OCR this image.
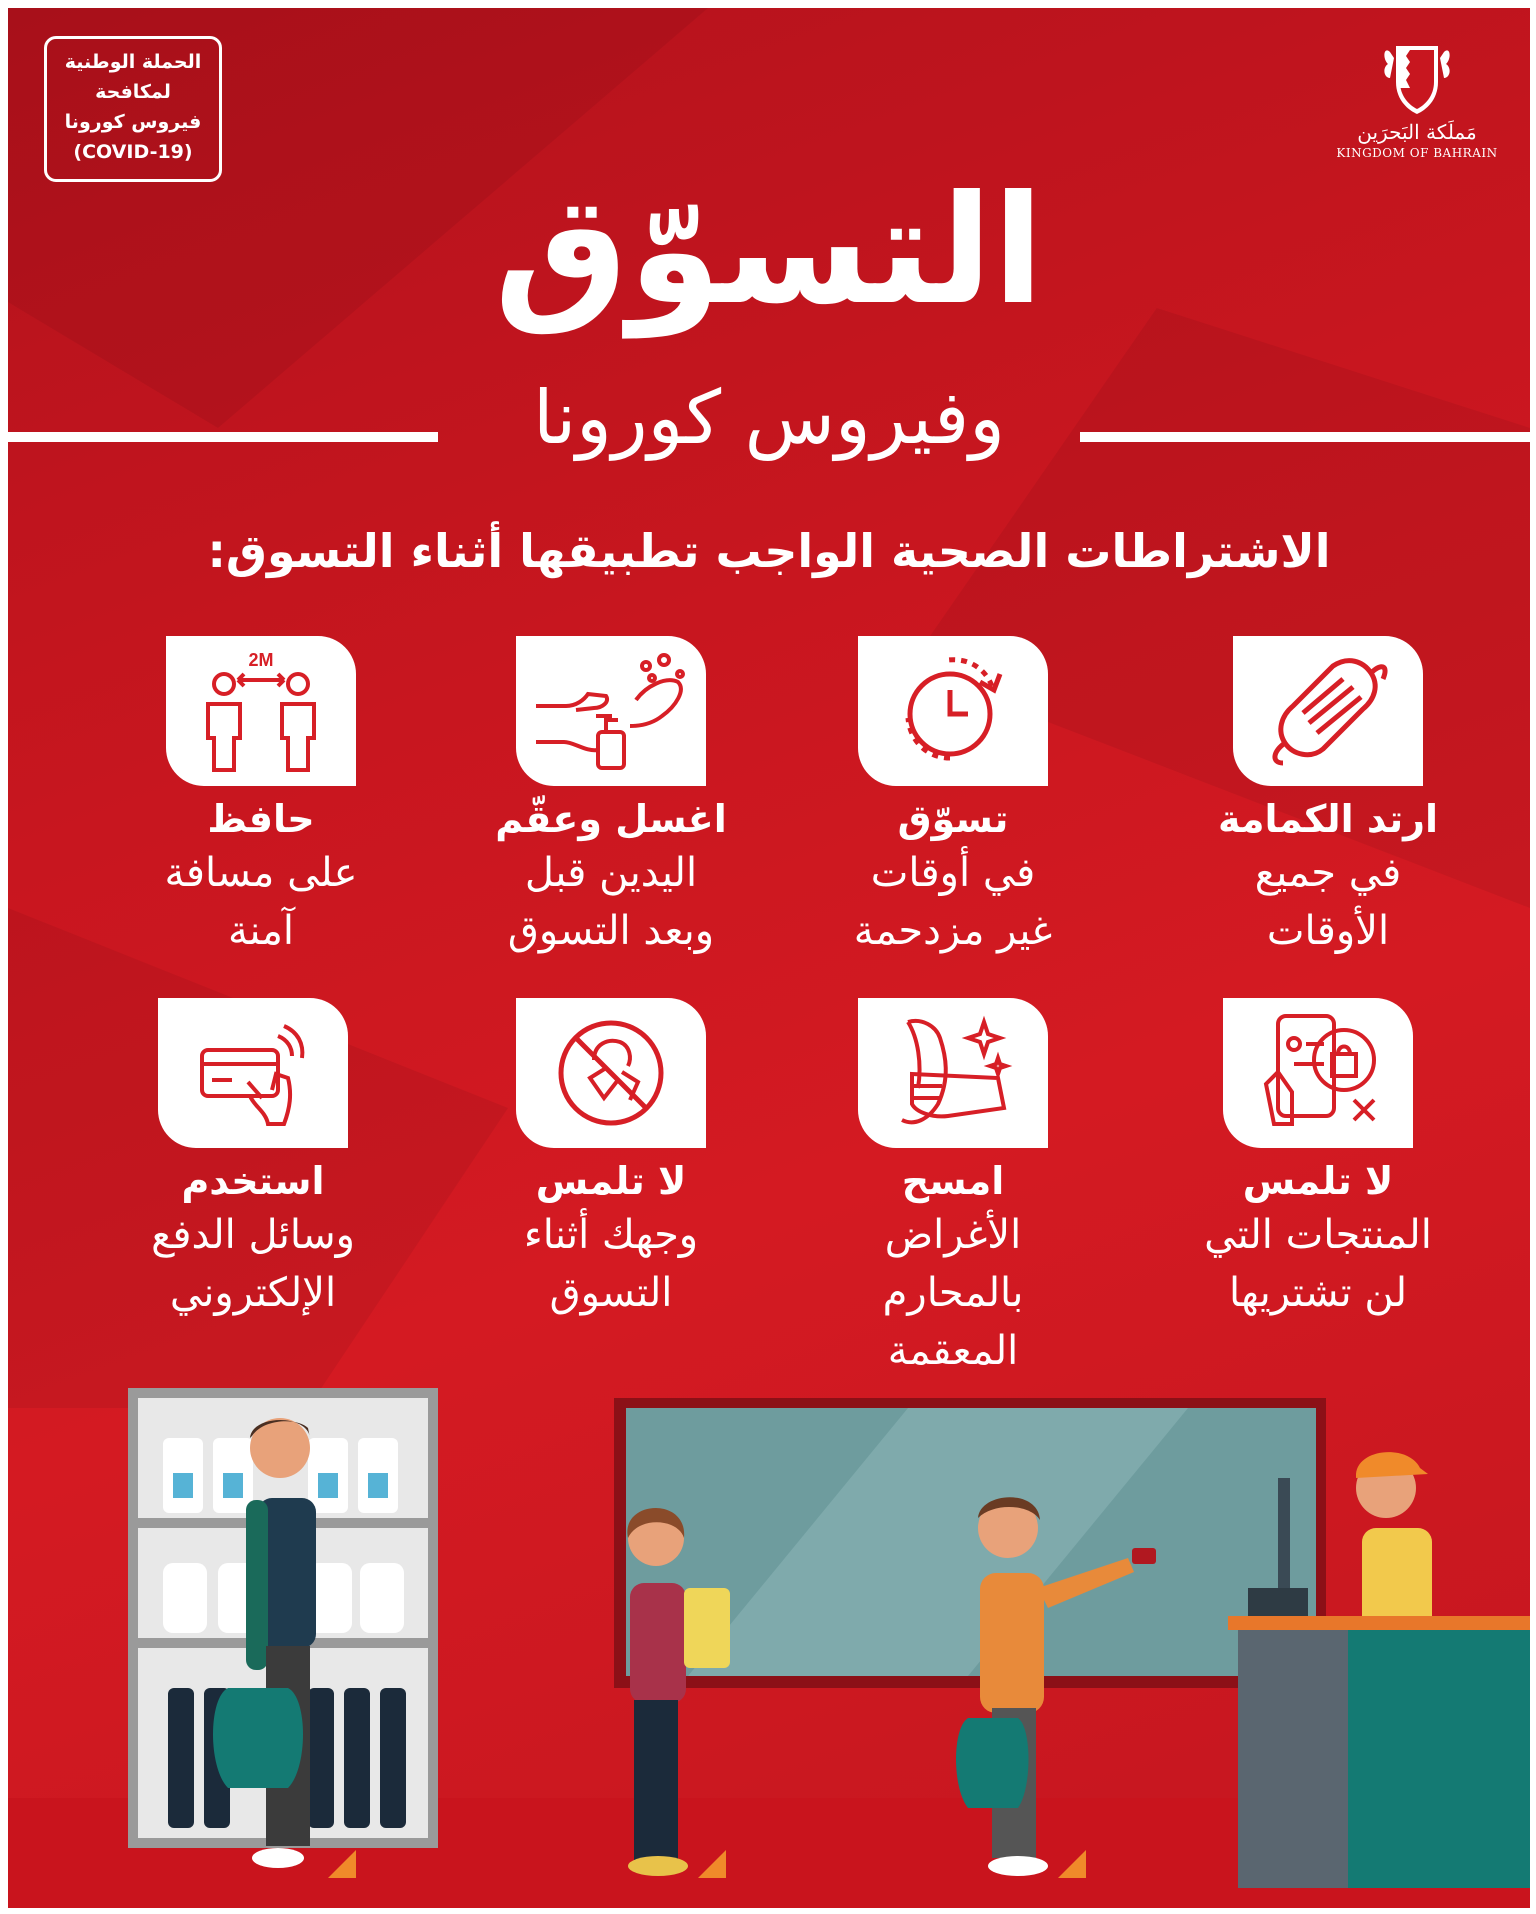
الحملة الوطنية
لمكافحة
فيروس كورونا
(COVID-19)
مَملَكة البَحرَين
KINGDOM OF BAHRAIN
التسوّق
وفيروس كورونا
الاشتراطات الصحية الواجب تطبيقها أثناء التسوق:
ارتد الكمامة
في جميع
الأوقات
تسوّق
في أوقات
غير مزدحمة
اغسل وعقّم
اليدين قبل
وبعد التسوق
2M
حافظ
على مسافة
آمنة
لا تلمس
المنتجات التي
لن تشتريها
امسح
الأغراض
بالمحارم
المعقمة
لا تلمس
وجهك أثناء
التسوق
استخدم
وسائل الدفع
الإلكتروني
